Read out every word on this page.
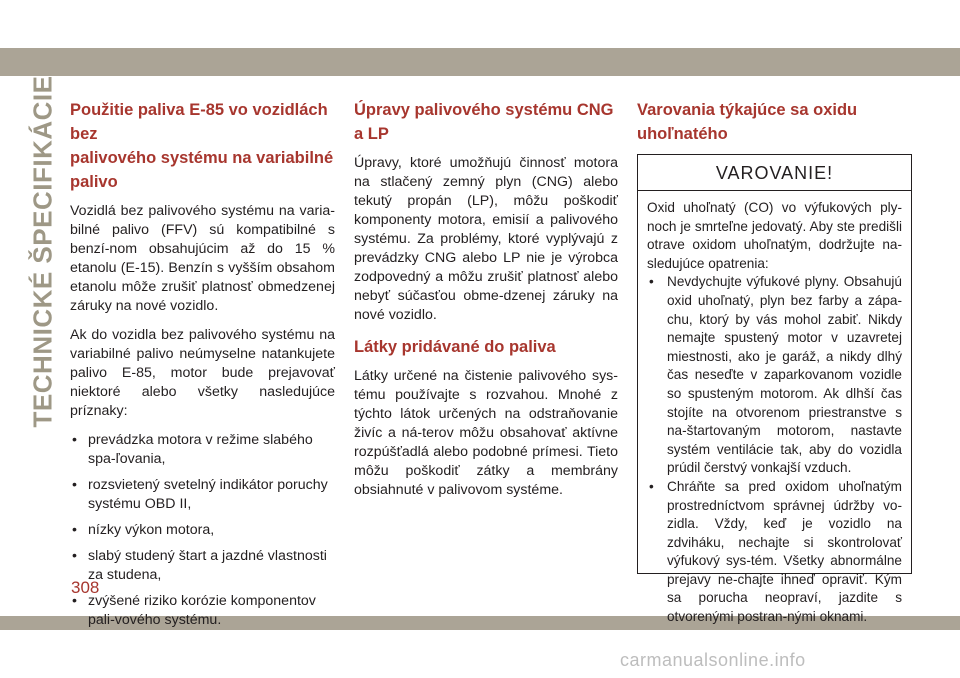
TECHNICKÉ ŠPECIFIKÁCIE Použitie paliva E-85 vo vozidlách bez
palivového systému na variabilné
palivo
Vozidlá bez palivového systému na varia-bilné palivo (FFV) sú kompatibilné s benzí-nom obsahujúcim až do 15 % etanolu (E-15). Benzín s vyšším obsahom etanolu môže zrušiť platnosť obmedzenej záruky na nové vozidlo.
Ak do vozidla bez palivového systému na variabilné palivo neúmyselne natankujete palivo E-85, motor bude prejavovať niektoré alebo všetky nasledujúce príznaky:
• prevádzka motora v režime slabého spa-ľovania,
• rozsvietený svetelný indikátor poruchy systému OBD II,
• nízky výkon motora,
• slabý studený štart a jazdné vlastnosti za studena,
• zvýšené riziko korózie komponentov pali-vového systému.
Úpravy palivového systému CNG a LP
Úpravy, ktoré umožňujú činnosť motora na stlačený zemný plyn (CNG) alebo tekutý propán (LP), môžu poškodiť komponenty motora, emisií a palivového systému. Za problémy, ktoré vyplývajú z prevádzky CNG alebo LP nie je výrobca zodpovedný a môžu zrušiť platnosť alebo nebyť súčasťou obme-dzenej záruky na nové vozidlo.
Látky pridávané do paliva
Látky určené na čistenie palivového sys-tému používajte s rozvahou. Mnohé z týchto látok určených na odstraňovanie živíc a ná-terov môžu obsahovať aktívne rozpúšťadlá alebo podobné prímesi. Tieto môžu poškodiť zátky a membrány obsiahnuté v palivovom systéme.
Varovania týkajúce sa oxidu uhoľnatého
VAROVANIE!
Oxid uhoľnatý (CO) vo výfukových ply-noch je smrteľne jedovatý. Aby ste predišli otrave oxidom uhoľnatým, dodržujte na-sledujúce opatrenia:
• Nevdychujte výfukové plyny. Obsahujú oxid uhoľnatý, plyn bez farby a zápa-chu, ktorý by vás mohol zabiť. Nikdy nemajte spustený motor v uzavretej miestnosti, ako je garáž, a nikdy dlhý čas nesеďte v zaparkovanom vozidle so spusteným motorom. Ak dlhší čas stojíte na otvorenom priestranstve s na-štartovaným motorom, nastavte systém ventilácie tak, aby do vozidla prúdil čerstvý vonkajší vzduch.
• Chráňte sa pred oxidom uhoľnatým prostredníctvom správnej údržby vo-zidla. Vždy, keď je vozidlo na zdviháku, nechajte si skontrolovať výfukový sys-tém. Všetky abnormálne prejavy ne-chajte ihneď opraviť. Kým sa porucha neopraví, jazdite s otvorenými postran-nými oknami.
308
carmanualsonline.info
